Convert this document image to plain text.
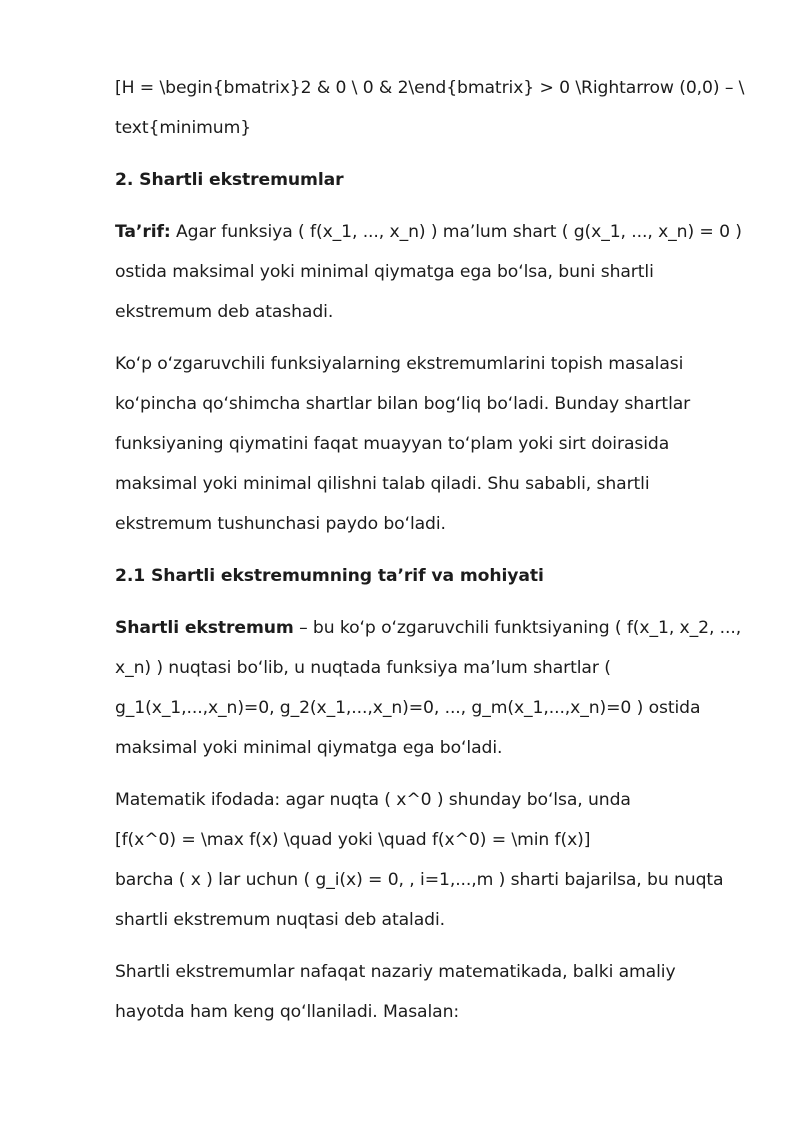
[H = \begin{bmatrix}2 & 0 \ 0 & 2\end{bmatrix} > 0 \Rightarrow (0,0) – \ text{minimum}

2. Shartli ekstremumlar

Ta’rif: Agar funksiya ( f(x_1, ..., x_n) ) ma’lum shart ( g(x_1, ..., x_n) = 0 ) ostida maksimal yoki minimal qiymatga ega bo‘lsa, buni shartli ekstremum deb atashadi.

Ko‘p o‘zgaruvchili funksiyalarning ekstremumlarini topish masalasi ko‘pincha qo‘shimcha shartlar bilan bog‘liq bo‘ladi. Bunday shartlar funksiyaning qiymatini faqat muayyan to‘plam yoki sirt doirasida maksimal yoki minimal qilishni talab qiladi. Shu sababli, shartli ekstremum tushunchasi paydo bo‘ladi.

2.1 Shartli ekstremumning ta’rif va mohiyati

Shartli ekstremum – bu ko‘p o‘zgaruvchili funktsiyaning ( f(x_1, x_2, ..., x_n) ) nuqtasi bo‘lib, u nuqtada funksiya ma’lum shartlar ( g_1(x_1,...,x_n)=0, g_2(x_1,...,x_n)=0, ..., g_m(x_1,...,x_n)=0 ) ostida maksimal yoki minimal qiymatga ega bo‘ladi.

Matematik ifodada: agar nuqta ( x^0 ) shunday bo‘lsa, unda
[f(x^0) = \max f(x) \quad yoki \quad f(x^0) = \min f(x)]
barcha ( x ) lar uchun ( g_i(x) = 0, , i=1,...,m ) sharti bajarilsa, bu nuqta shartli ekstremum nuqtasi deb ataladi.

Shartli ekstremumlar nafaqat nazariy matematikada, balki amaliy hayotda ham keng qo‘llaniladi. Masalan:
